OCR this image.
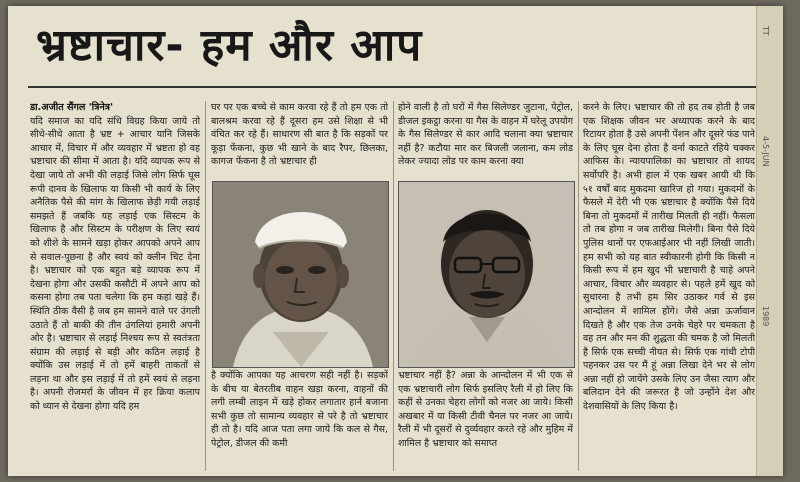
भ्रष्टाचार- हम और आप

डा.अजीत सैंगल 'त्रिनेत्र'

यदि समाज का यदि संधि विग्रह किया जाये तो सीधे-सीधे आता है भ्रष्ट + आचार यानि जिसके आचार में, विचार में और व्यवहार में भ्रष्टता हो वह भ्रष्टाचार की सीमा में आता है। यदि व्यापक रूप से देखा जाये तो अभी की लड़ाई जिसे लोग सिर्फ घूस रूपी दानव के खिलाफ या किसी भी कार्य के लिए अनैतिक पैसे की मांग के खिलाफ छेड़ी गयी लड़ाई समझते हैं जबकि यह लड़ाई एक सिस्टम के खिलाफ है और सिस्टम के परीक्षण के लिए स्वयं को शीशे के सामने खड़ा होकर आपको अपने आप से सवाल-पूछना है और स्वयं को क्लीन चिट देना है। भ्रष्टाचार को एक बहुत बड़े व्यापक रूप में देखना होगा और उसकी कसौटी में अपने आप को कसना होगा तब पता चलेगा कि हम कहां खड़े हैं। स्थिति ठीक वैसी है जब हम सामने वाले पर उंगली उठाते हैं तो बाकी की तीन उंगलियां हमारी अपनी ओर है। भ्रष्टाचार से लड़ाई निश्चय रूप से स्वतंत्रता संग्राम की लड़ाई से बड़ी और कठिन लड़ाई है क्योंकि उस लड़ाई में तो हमें बाहरी ताकतों से लड़ना था और इस लड़ाई में तो हमें स्वयं से लड़ना है। अपनी रोजमर्रा के जीवन में हर क्रिया कलाप को ध्यान से देखना होगा यदि हम

घर पर एक बच्चे से काम करवा रहे हैं तो हम एक तो बालश्रम करवा रहे हैं दूसरा हम उसे शिक्षा से भी वंचित कर रहे हैं। साधारण सी बात है कि सड़कों पर कूड़ा फेंकना, कुछ भी खाने के बाद रैपर, छिलका, कागज फेंकना है तो भ्रष्टाचार ही

होने वाली है तो घरों में गैस सिलेण्डर जुटाना, पेट्रोल, डीजल इकट्ठा करना या गैस के वाहन में घरेलू उपयोग के गैस सिलेण्डर से कार आदि चलाना क्या भ्रष्टाचार नहीं है? कटौया मार कर बिजली जलाना, कम लोड लेकर ज्यादा लोड पर काम करना क्या

है क्योंकि आपका यह आचरण सही नहीं है। सड़कों के बीच या बेतरतीब वाहन खड़ा करना, वाहनों की लगी लम्बी लाइन में खड़े होकर लगातार हार्न बजाना सभी कुछ तो सामान्य व्यवहार से परे है तो भ्रष्टाचार ही तो है। यदि आज पता लगा जाये कि कल से गैस, पेट्रोल, डीजल की कमी

भ्रष्टाचार नहीं है? अन्ना के आन्दोलन में भी एक से एक भ्रष्टाचारी लोग सिर्फ इसलिए रैली में हो लिए कि कहीं से उनका चेहरा लोगों को नजर आ जाये। किसी अखबार में या किसी टीवी चैनल पर नजर आ जाये। रैली में भी दूसरों से दुर्व्यवहार करते रहे और मुहिम में शामिल है भ्रष्टाचार को समाप्त

करने के लिए। भ्रष्टाचार की तो हद तब होती है जब एक शिक्षक जीवन भर अध्यापक करने के बाद रिटायर होता है उसे अपनी पेंशन और दूसरे फंड पाने के लिए घूस देना होता है वर्ना काटते रहिये चक्कर आफिस के। न्यायपालिका का भ्रष्टाचार तो शायद सर्वोपरि है। अभी हाल में एक खबर आयी थी कि ५१ वर्षों बाद मुकदमा खारिज हो गया। मुकदमों के फैसले में देरी भी एक भ्रष्टाचार है क्योंकि पैसे दिये बिना तो मुकदमों में तारीख मिलती ही नहीं। फैसला तो तब होगा न जब तारीख मिलेगी। बिना पैसे दिये पुलिस थानों पर एफआईआर भी नहीं लिखी जाती। हम सभी को यह बात स्वीकारनी होगी कि किसी न किसी रूप में हम खुद भी भ्रष्टाचारी है चाहे अपने आचार, विचार और व्यवहार से। पहले हमें खुद को सुधारना है तभी हम सिर उठाकर गर्व से इस आन्दोलन में शामिल होंगे। जैसे अन्ना ऊर्जावान दिखते है और एक तेज उनके चेहरे पर चमकता है वह तन और मन की शुद्धता की चमक है जो मिलती है सिर्फ एक सच्ची नीयत से। सिर्फ एक गांधी टोपी पहनकर उस पर मैं हूं अन्ना लिखा देने भर से लोग अन्ना नहीं हो जायेंगे उसके लिए उन जैसा त्याग और बलिदान देने की जरूरत है जो उन्होंने देश और देशवासियों के लिए किया है।

TT
4-5-JUN
1989
